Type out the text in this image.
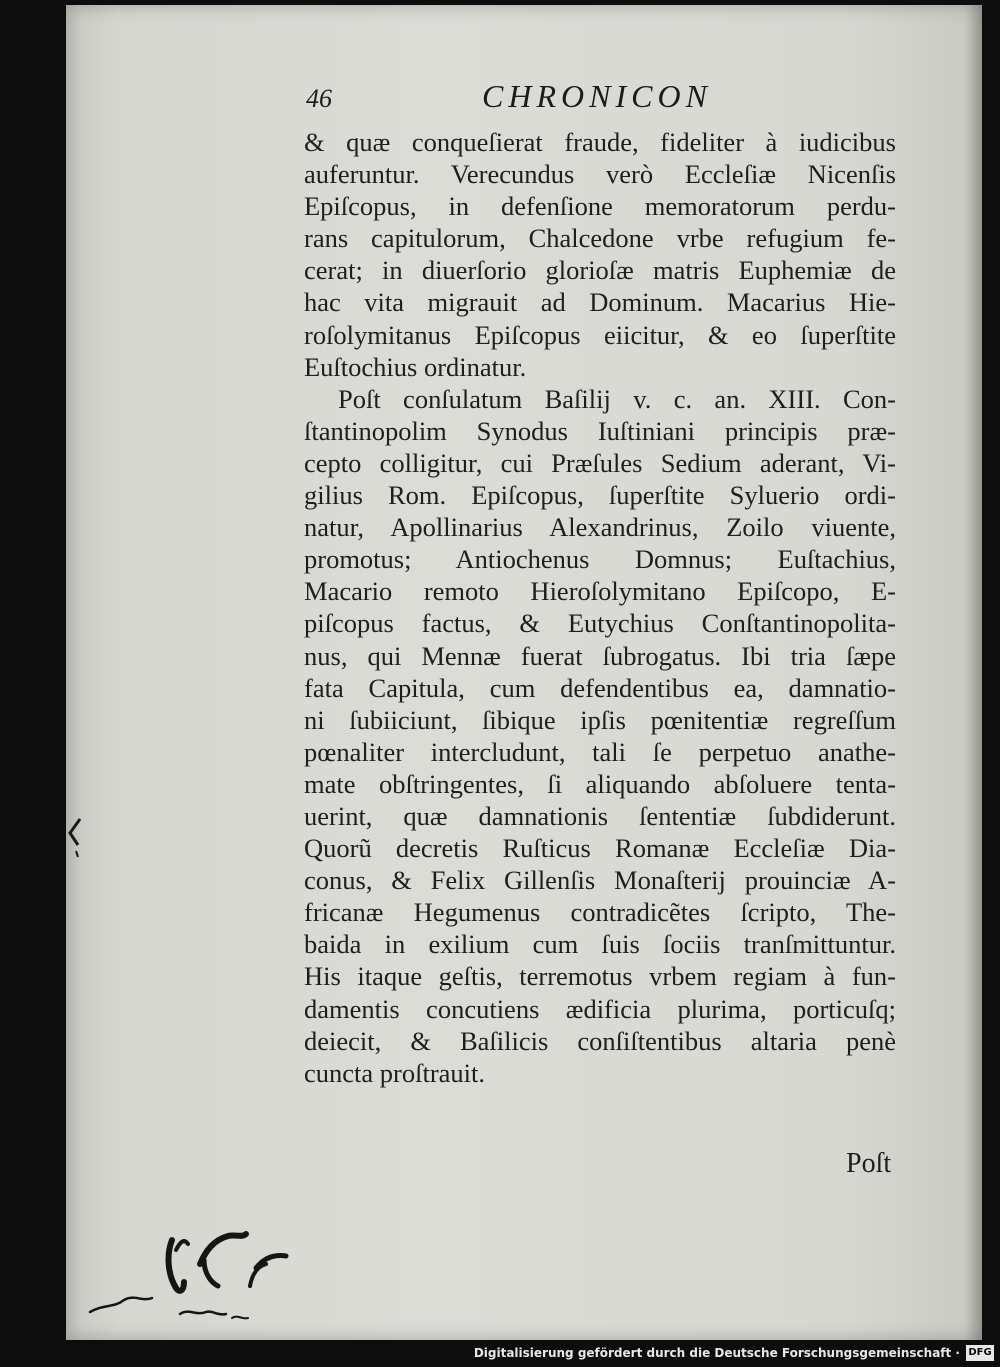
46	CHRONICON
& quæ conqueſierat fraude, fideliter à iudicibus
auferuntur. Verecundus verò Eccleſiæ Nicenſis
Epiſcopus, in defenſione memoratorum perdu-
rans capitulorum, Chalcedone vrbe refugium fe-
cerat; in diuerſorio glorioſæ matris Euphemiæ de
hac vita migrauit ad Dominum. Macarius Hie-
roſolymitanus Epiſcopus eiicitur, & eo ſuperſtite
Euſtochius ordinatur.
Poſt conſulatum Baſilij v. c. an. XIII. Con-
ſtantinopolim Synodus Iuſtiniani principis præ-
cepto colligitur, cui Præſules Sedium aderant, Vi-
gilius Rom. Epiſcopus, ſuperſtite Syluerio ordi-
natur, Apollinarius Alexandrinus, Zoilo viuente,
promotus; Antiochenus Domnus; Euſtachius,
Macario remoto Hieroſolymitano Epiſcopo, E-
piſcopus factus, & Eutychius Conſtantinopolita-
nus, qui Mennæ fuerat ſubrogatus. Ibi tria ſæpe
fata Capitula, cum defendentibus ea, damnatio-
ni ſubiiciunt, ſibique ipſis pœnitentiæ regreſſum
pœnaliter intercludunt, tali ſe perpetuo anathe-
mate obſtringentes, ſi aliquando abſoluere tenta-
uerint, quæ damnationis ſententiæ ſubdiderunt.
Quorũ decretis Ruſticus Romanæ Eccleſiæ Dia-
conus, & Felix Gillenſis Monaſterij prouinciæ A-
fricanæ Hegumenus contradicẽtes ſcripto, The-
baida in exilium cum ſuis ſociis tranſmittuntur.
His itaque geſtis, terremotus vrbem regiam à fun-
damentis concutiens ædificia plurima, porticuſq;
deiecit, & Baſilicis conſiſtentibus altaria penè
cuncta proſtrauit.
Poſt
Digitalisierung gefördert durch die Deutsche Forschungsgemeinschaft · DFG
